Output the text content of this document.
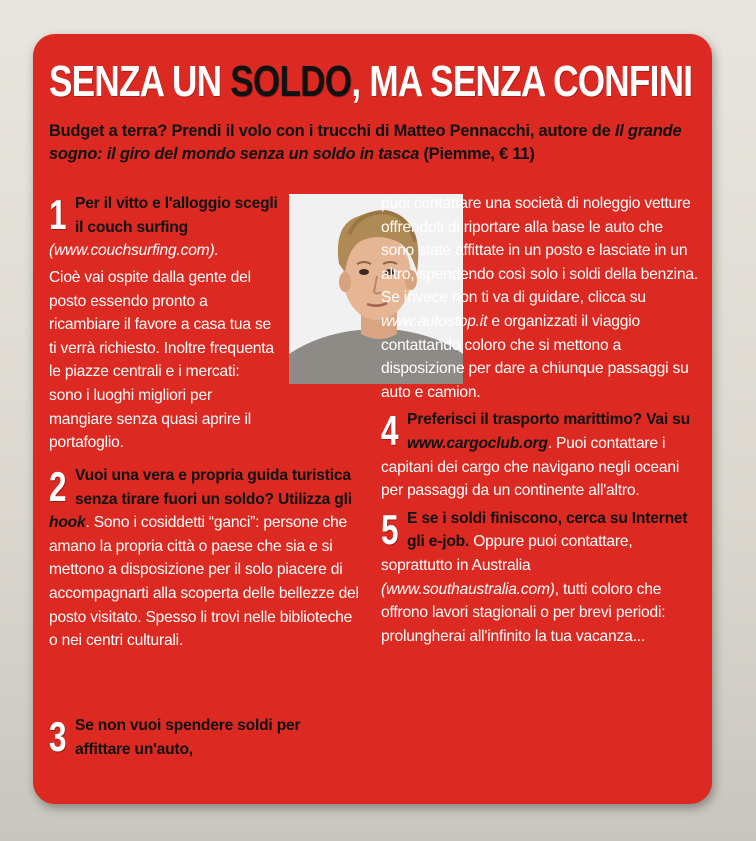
SENZA UN SOLDO, MA SENZA CONFINI
Budget a terra? Prendi il volo con i trucchi di Matteo Pennacchi, autore de Il grande sogno: il giro del mondo senza un soldo in tasca (Piemme, € 11)
1 Per il vitto e l'alloggio scegli il couch surfing (www.couchsurfing.com).
Cioè vai ospite dalla gente del posto essendo pronto a ricambiare il favore a casa tua se ti verrà richiesto. Inoltre frequenta le piazze centrali e i mercati: sono i luoghi migliori per mangiare senza quasi aprire il portafoglio.
2 Vuoi una vera e propria guida turistica senza tirare fuori un soldo? Utilizza gli hook. Sono i cosiddetti “ganci”: persone che amano la propria città o paese che sia e si mettono a disposizione per il solo piacere di accompagnarti alla scoperta delle bellezze del posto visitato. Spesso li trovi nelle biblioteche o nei centri culturali.
3 Se non vuoi spendere soldi per affittare un'auto,

puoi contattare una società di noleggio vetture offrendoti di riportare alla base le auto che sono state affittate in un posto e lasciate in un altro, spendendo così solo i soldi della benzina. Se invece non ti va di guidare, clicca su www.autostop.it e organizzati il viaggio contattando coloro che si mettono a disposizione per dare a chiunque passaggi su auto e camion.

4 Preferisci il trasporto marittimo? Vai su www.cargoclub.org. Puoi contattare i capitani dei cargo che navigano negli oceani per passaggi da un continente all'altro.
5 E se i soldi finiscono, cerca su Internet gli e-job. Oppure puoi contattare, soprattutto in Australia (www.southaustralia.com), tutti coloro che offrono lavori stagionali o per brevi periodi: prolungherai all'infinito la tua vacanza...
